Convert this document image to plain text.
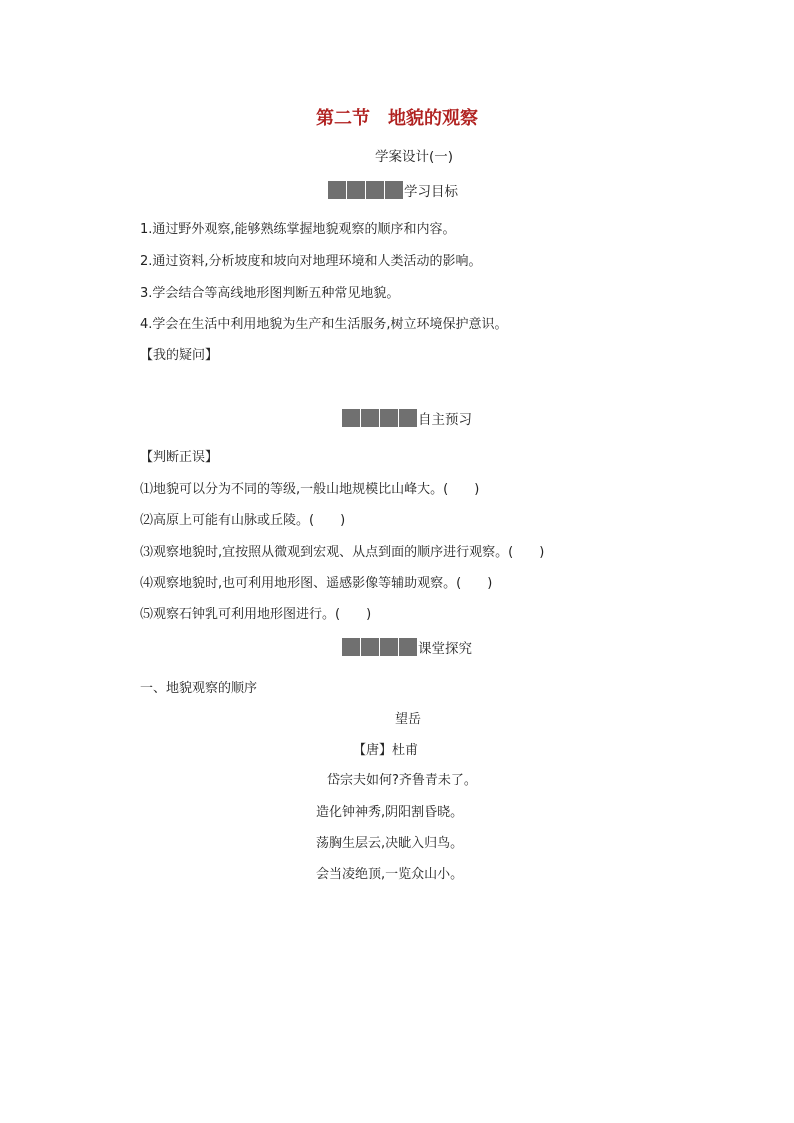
第二节　地貌的观察
学案设计(一)
学习目标
1.通过野外观察,能够熟练掌握地貌观察的顺序和内容。
2.通过资料,分析坡度和坡向对地理环境和人类活动的影响。
3.学会结合等高线地形图判断五种常见地貌。
4.学会在生活中利用地貌为生产和生活服务,树立环境保护意识。
【我的疑问】
自主预习
【判断正误】
⑴地貌可以分为不同的等级,一般山地规模比山峰大。(　　)
⑵高原上可能有山脉或丘陵。(　　)
⑶观察地貌时,宜按照从微观到宏观、从点到面的顺序进行观察。(　　)
⑷观察地貌时,也可利用地形图、遥感影像等辅助观察。(　　)
⑸观察石钟乳可利用地形图进行。(　　)
课堂探究
一、地貌观察的顺序
望岳
【唐】杜甫
岱宗夫如何?齐鲁青未了。
造化钟神秀,阴阳割昏晓。
荡胸生层云,决眦入归鸟。
会当凌绝顶,一览众山小。
